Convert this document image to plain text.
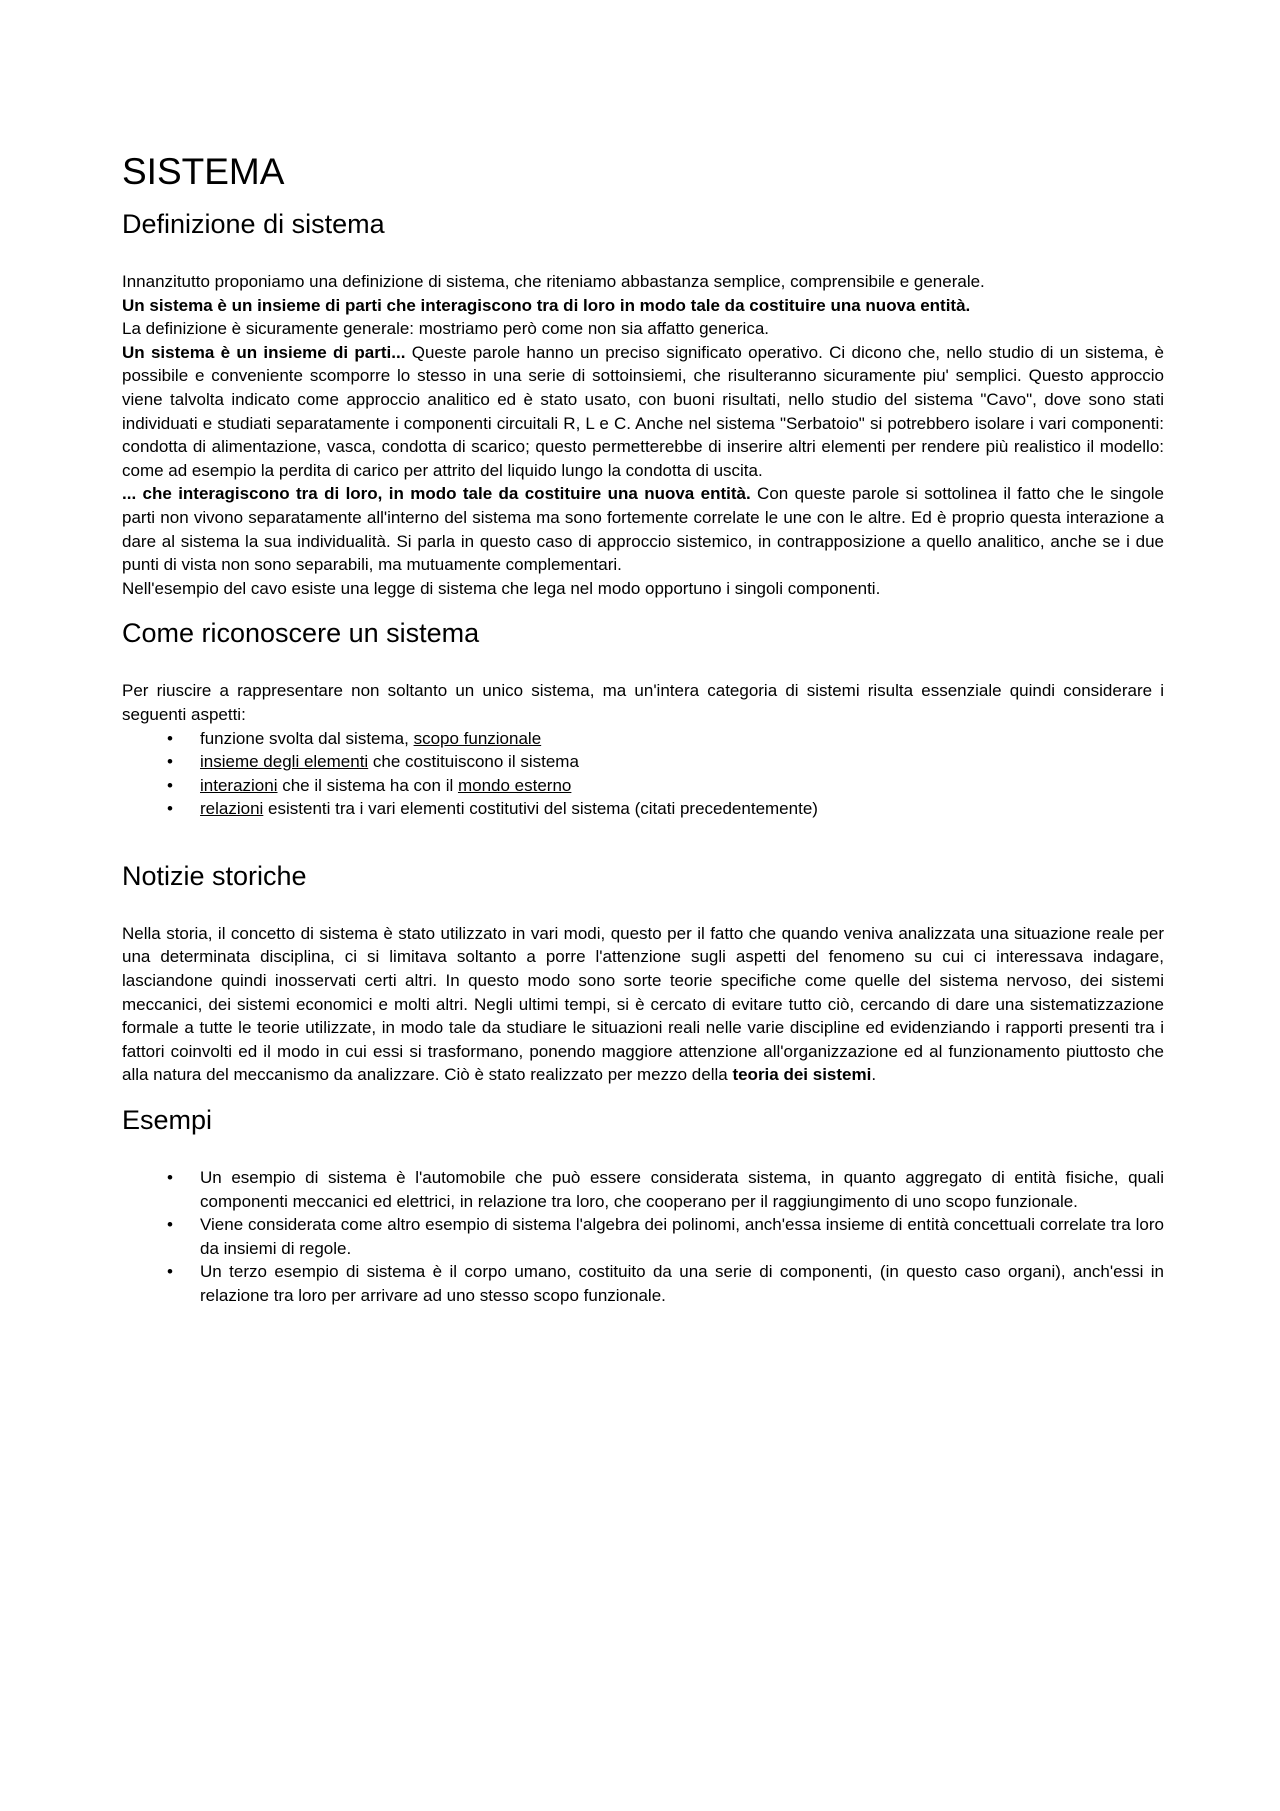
SISTEMA
Definizione di sistema

Innanzitutto proponiamo una definizione di sistema, che riteniamo abbastanza semplice, comprensibile e generale.

Un sistema è un insieme di parti che interagiscono tra di loro in modo tale da costituire una nuova entità.

La definizione è sicuramente generale: mostriamo però come non sia affatto generica.

Un sistema è un insieme di parti... Queste parole hanno un preciso significato operativo. Ci dicono che, nello studio di un sistema, è possibile e conveniente scomporre lo stesso in una serie di sottoinsiemi, che risulteranno sicuramente piu' semplici. Questo approccio viene talvolta indicato come approccio analitico ed è stato usato, con buoni risultati, nello studio del sistema "Cavo", dove sono stati individuati e studiati separatamente i componenti circuitali R, L e C. Anche nel sistema "Serbatoio" si potrebbero isolare i vari componenti: condotta di alimentazione, vasca, condotta di scarico; questo permetterebbe di inserire altri elementi per rendere più realistico il modello: come ad esempio la perdita di carico per attrito del liquido lungo la condotta di uscita.

... che interagiscono tra di loro, in modo tale da costituire una nuova entità. Con queste parole si sottolinea il fatto che le singole parti non vivono separatamente all'interno del sistema ma sono fortemente correlate le une con le altre. Ed è proprio questa interazione a dare al sistema la sua individualità. Si parla in questo caso di approccio sistemico, in contrapposizione a quello analitico, anche se i due punti di vista non sono separabili, ma mutuamente complementari.

Nell'esempio del cavo esiste una legge di sistema che lega nel modo opportuno i singoli componenti.

Come riconoscere un sistema

Per riuscire a rappresentare non soltanto un unico sistema, ma un'intera categoria di sistemi risulta essenziale quindi considerare i seguenti aspetti:

• funzione svolta dal sistema, scopo funzionale
• insieme degli elementi che costituiscono il sistema
• interazioni che il sistema ha con il mondo esterno
• relazioni esistenti tra i vari elementi costitutivi del sistema (citati precedentemente)
Notizie storiche

Nella storia, il concetto di sistema è stato utilizzato in vari modi, questo per il fatto che quando veniva analizzata una situazione reale per una determinata disciplina, ci si limitava soltanto a porre l'attenzione sugli aspetti del fenomeno su cui ci interessava indagare, lasciandone quindi inosservati certi altri. In questo modo sono sorte teorie specifiche come quelle del sistema nervoso, dei sistemi meccanici, dei sistemi economici e molti altri. Negli ultimi tempi, si è cercato di evitare tutto ciò, cercando di dare una sistematizzazione formale a tutte le teorie utilizzate, in modo tale da studiare le situazioni reali nelle varie discipline ed evidenziando i rapporti presenti tra i fattori coinvolti ed il modo in cui essi si trasformano, ponendo maggiore attenzione all'organizzazione ed al funzionamento piuttosto che alla natura del meccanismo da analizzare. Ciò è stato realizzato per mezzo della teoria dei sistemi.

Esempi
• Un esempio di sistema è l'automobile che può essere considerata sistema, in quanto aggregato di entità fisiche, quali componenti meccanici ed elettrici, in relazione tra loro, che cooperano per il raggiungimento di uno scopo funzionale.
• Viene considerata come altro esempio di sistema l'algebra dei polinomi, anch'essa insieme di entità concettuali correlate tra loro da insiemi di regole.
• Un terzo esempio di sistema è il corpo umano, costituito da una serie di componenti, (in questo caso organi), anch'essi in relazione tra loro per arrivare ad uno stesso scopo funzionale.
